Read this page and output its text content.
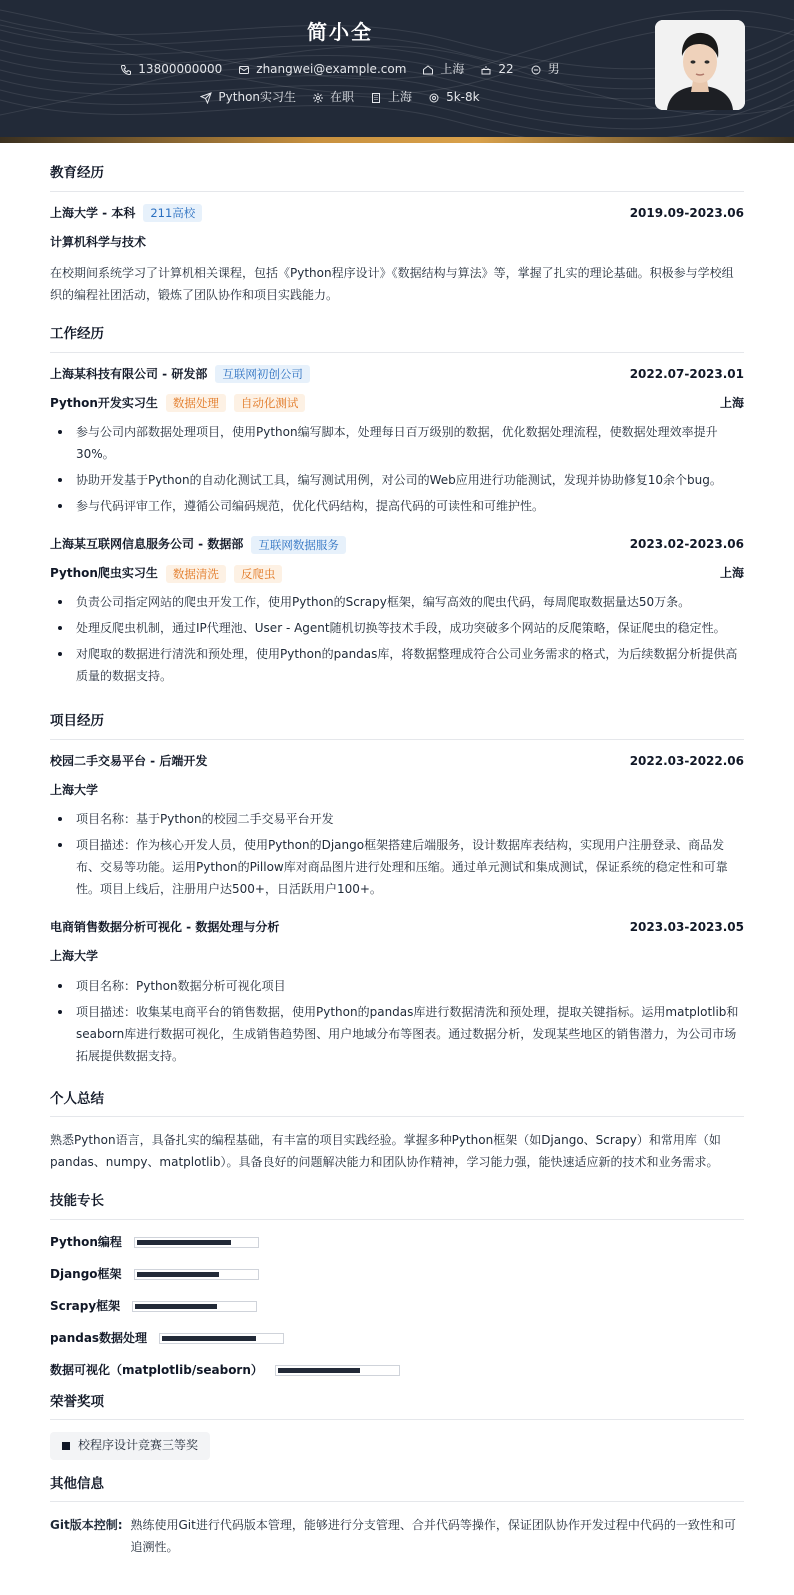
简小全
13800000000	zhangwei@example.com	上海	22	男
Python实习生	在职	上海	5k-8k
教育经历
上海大学 - 本科	211高校	2019.09-2023.06
计算机科学与技术
在校期间系统学习了计算机相关课程，包括《Python程序设计》《数据结构与算法》等，掌握了扎实的理论基础。积极参与学校组织的编程社团活动，锻炼了团队协作和项目实践能力。
工作经历
上海某科技有限公司 - 研发部	互联网初创公司	2022.07-2023.01
Python开发实习生	数据处理	自动化测试	上海
参与公司内部数据处理项目，使用Python编写脚本，处理每日百万级别的数据，优化数据处理流程，使数据处理效率提升30%。
协助开发基于Python的自动化测试工具，编写测试用例，对公司的Web应用进行功能测试，发现并协助修复10余个bug。
参与代码评审工作，遵循公司编码规范，优化代码结构，提高代码的可读性和可维护性。
上海某互联网信息服务公司 - 数据部	互联网数据服务	2023.02-2023.06
Python爬虫实习生	数据清洗	反爬虫	上海
负责公司指定网站的爬虫开发工作，使用Python的Scrapy框架，编写高效的爬虫代码，每周爬取数据量达50万条。
处理反爬虫机制，通过IP代理池、User - Agent随机切换等技术手段，成功突破多个网站的反爬策略，保证爬虫的稳定性。
对爬取的数据进行清洗和预处理，使用Python的pandas库，将数据整理成符合公司业务需求的格式，为后续数据分析提供高质量的数据支持。
项目经历
校园二手交易平台 - 后端开发	2022.03-2022.06
上海大学
项目名称：基于Python的校园二手交易平台开发
项目描述：作为核心开发人员，使用Python的Django框架搭建后端服务，设计数据库表结构，实现用户注册登录、商品发布、交易等功能。运用Python的Pillow库对商品图片进行处理和压缩。通过单元测试和集成测试，保证系统的稳定性和可靠性。项目上线后，注册用户达500+，日活跃用户100+。
电商销售数据分析可视化 - 数据处理与分析	2023.03-2023.05
上海大学
项目名称：Python数据分析可视化项目
项目描述：收集某电商平台的销售数据，使用Python的pandas库进行数据清洗和预处理，提取关键指标。运用matplotlib和seaborn库进行数据可视化，生成销售趋势图、用户地域分布等图表。通过数据分析，发现某些地区的销售潜力，为公司市场拓展提供数据支持。
个人总结
熟悉Python语言，具备扎实的编程基础，有丰富的项目实践经验。掌握多种Python框架（如Django、Scrapy）和常用库（如pandas、numpy、matplotlib）。具备良好的问题解决能力和团队协作精神，学习能力强，能快速适应新的技术和业务需求。
技能专长
Python编程
Django框架
Scrapy框架
pandas数据处理
数据可视化（matplotlib/seaborn）
荣誉奖项
校程序设计竞赛三等奖
其他信息
Git版本控制: 熟练使用Git进行代码版本管理，能够进行分支管理、合并代码等操作，保证团队协作开发过程中代码的一致性和可追溯性。
